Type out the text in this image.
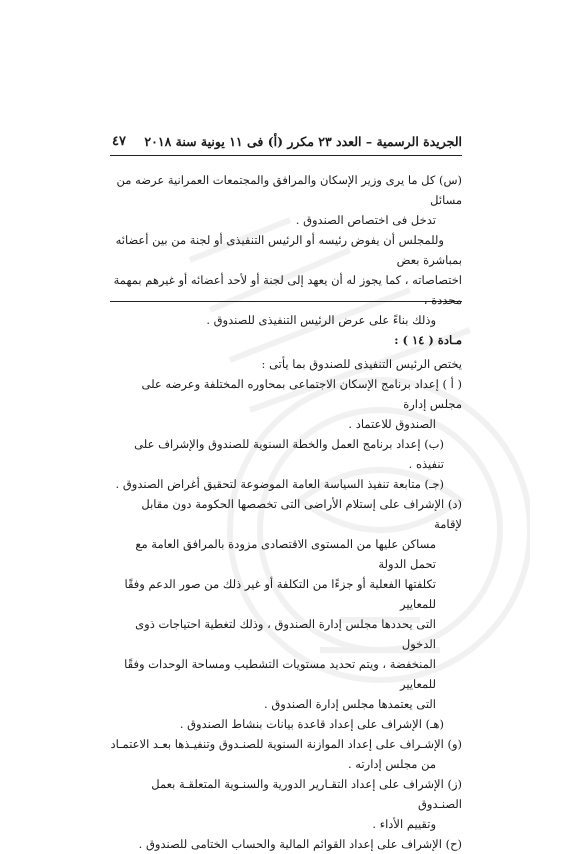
الجريدة الرسمية – العدد ٢٣ مكرر (أ) فى ١١ يونية سنة ٢٠١٨
٤٧

(س) كل ما يرى وزير الإسكان والمرافق والمجتمعات العمرانية عرضه من مسائل

تدخل فى اختصاص الصندوق .

وللمجلس أن يفوض رئيسه أو الرئيس التنفيذى أو لجنة من بين أعضائه بمباشرة بعض

اختصاصاته ، كما يجوز له أن يعهد إلى لجنة أو لأحد أعضائه أو غيرهم بمهمة محددة ،

وذلك بناءً على عرض الرئيس التنفيذى للصندوق .

مـادة ( ١٤ ) :

يختص الرئيس التنفيذى للصندوق بما يأتى :

( أ ) إعداد برنامج الإسكان الاجتماعى بمحاوره المختلفة وعرضه على مجلس إدارة

الصندوق للاعتماد .

(ب) إعداد برنامج العمل والخطة السنوية للصندوق والإشراف على تنفيذه .

(جـ) متابعة تنفيذ السياسة العامة الموضوعة لتحقيق أغراض الصندوق .

(د) الإشراف على إستلام الأراضى التى تخصصها الحكومة دون مقابل لإقامة

مساكن عليها من المستوى الاقتصادى مزودة بالمرافق العامة مع تحمل الدولة

تكلفتها الفعلية أو جزءًا من التكلفة أو غير ذلك من صور الدعم وفقًا للمعايير

التى يحددها مجلس إدارة الصندوق ، وذلك لتغطية احتياجات ذوى الدخول

المنخفضة ، ويتم تحديد مستويات التشطيب ومساحة الوحدات وفقًا للمعايير

التى يعتمدها مجلس إدارة الصندوق .

(هـ) الإشراف على إعداد قاعدة بيانات بنشاط الصندوق .

(و) الإشـراف على إعداد الموازنة السنوية للصنـدوق وتنفيـذها بعـد الاعتمـاد

من مجلس إدارته .

(ز) الإشراف على إعداد التقـارير الدورية والسنـوية المتعلقـة بعمل الصنـدوق

وتقييم الأداء .

(ح) الإشراف على إعداد القوائم المالية والحساب الختامى للصندوق .
